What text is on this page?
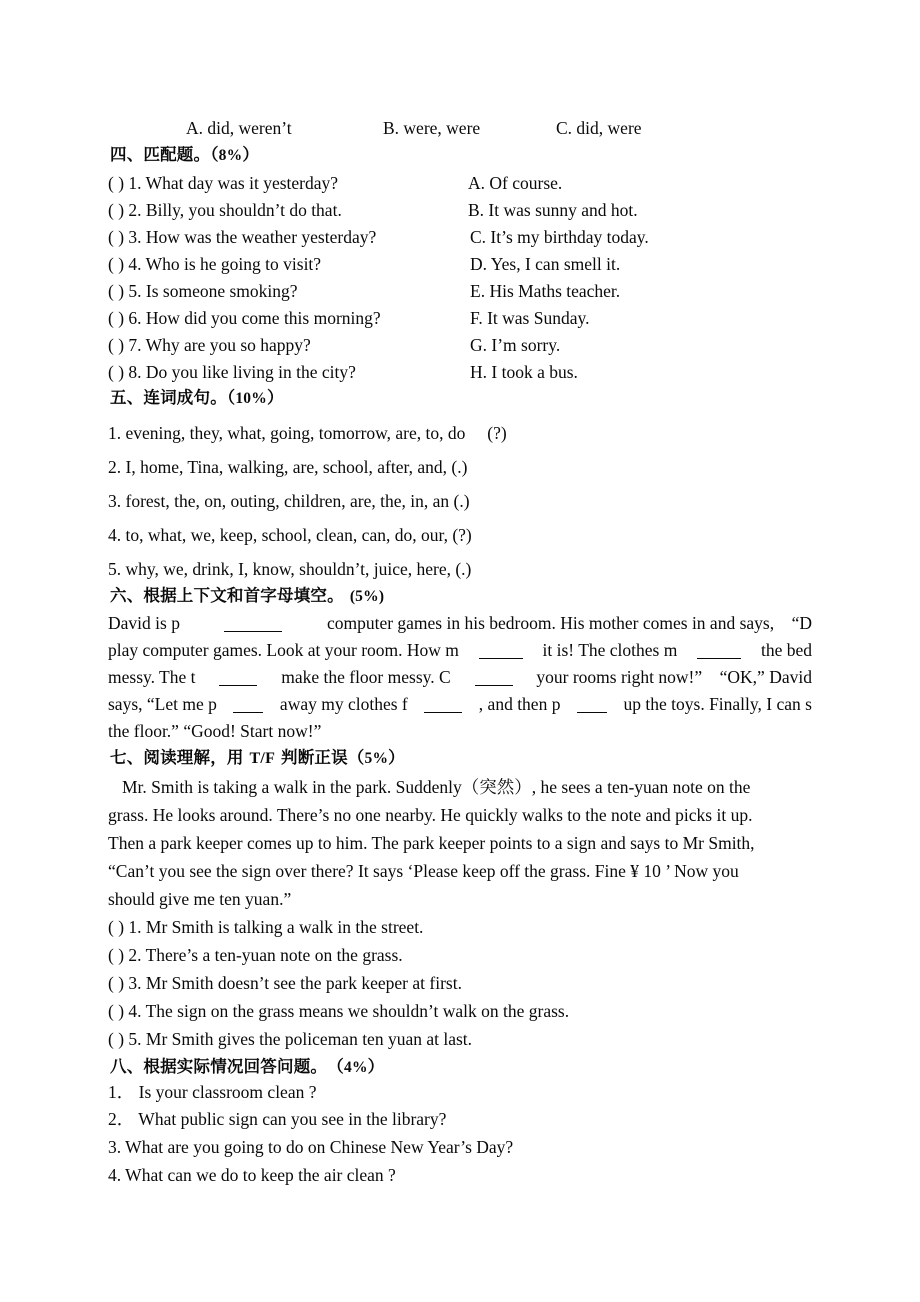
A. did, weren’t	B. were, were	C. did, were
四、匹配题。（8%）
( ) 1. What day was it yesterday?	A. Of course.
( ) 2. Billy, you shouldn’t do that.	B. It was sunny and hot.
( ) 3. How was the weather yesterday?	C. It’s my birthday today.
( ) 4. Who is he going to visit?	D. Yes, I can smell it.
( ) 5. Is someone smoking?	E. His Maths teacher.
( ) 6. How did you come this morning?	F. It was Sunday.
( ) 7. Why are you so happy?	G. I’m sorry.
( ) 8. Do you like living in the city?	H. I took a bus.
五、连词成句。（10%）
1. evening, they, what, going, tomorrow, are, to, do  (?)
2. I, home, Tina, walking, are, school, after, and, (.)
3. forest, the, on, outing, children, are, the, in, an (.)
4. to, what, we, keep, school, clean, can, do, our, (?)
5. why, we, drink, I, know, shouldn’t, juice, here, (.)
六、根据上下文和首字母填空。 (5%)
David is p	computer games in his bedroom. His mother comes in and says, “D
play computer games. Look at your room. How m	it is! The clothes m	the bed
messy. The t	make the floor messy. C	your rooms right now!” “OK,” David
says, “Let me p	away my clothes f	, and then p	up the toys. Finally, I can s
the floor.” “Good! Start now!”
七、阅读理解，用 T/F 判断正误（5%）
Mr. Smith is taking a walk in the park. Suddenly（突然）, he sees a ten-yuan note on the
grass. He looks around. There’s no one nearby. He quickly walks to the note and picks it up.
Then a park keeper comes up to him. The park keeper points to a sign and says to Mr Smith,
“Can’t you see the sign over there? It says ‘Please keep off the grass. Fine ¥ 10 ’ Now you
should give me ten yuan.”
( ) 1. Mr Smith is talking a walk in the street.
( ) 2. There’s a ten-yuan note on the grass.
( ) 3. Mr Smith doesn’t see the park keeper at first.
( ) 4. The sign on the grass means we shouldn’t walk on the grass.
( ) 5. Mr Smith gives the policeman ten yuan at last.
八、根据实际情况回答问题。　（4%）
1． Is your classroom clean ?
2． What public sign can you see in the library?
3. What are you going to do on Chinese New Year’s Day?
4. What can we do to keep the air clean ?
